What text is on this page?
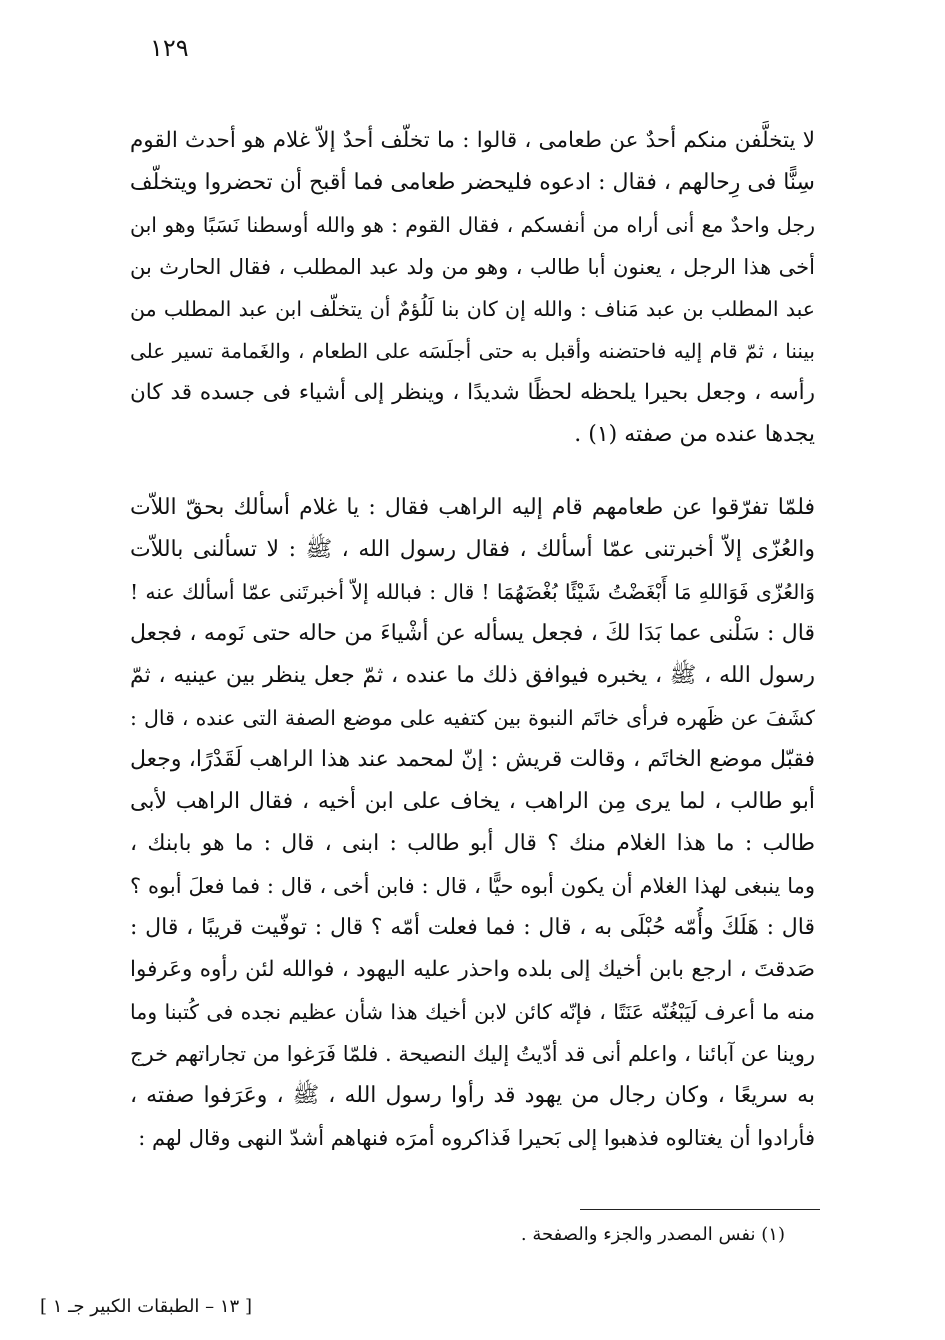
١٢٩
لا يتخلَّفن منكم أحدٌ عن طعامى ، قالوا : ما تخلّف أحدٌ إلاّ غلام هو أحدث القوم
سِنًّا فى رِحالهم ، فقال : ادعوه فليحضر طعامى فما أقبح أن تحضروا ويتخلّف
رجل واحدٌ مع أنى أراه من أنفسكم ، فقال القوم : هو والله أوسطنا نَسَبًا وهو ابن
أخى هذا الرجل ، يعنون أبا طالب ، وهو من ولد عبد المطلب ، فقال الحارث بن
عبد المطلب بن عبد مَناف : والله إن كان بنا لَلُؤمٌ أن يتخلّف ابن عبد المطلب من
بيننا ، ثمّ قام إليه فاحتضنه وأقبل به حتى أجلَسَه على الطعام ، والغَمامة تسير على
رأسه ، وجعل بحيرا يلحظه لحظًا شديدًا ، وينظر إلى أشياء فى جسده قد كان
يجدها عنده من صفته (١) .
فلمّا تفرّقوا عن طعامهم قام إليه الراهب فقال : يا غلام أسألك بحقّ اللاّت
والعُزّى إلاّ أخبرتنى عمّا أسألك ، فقال رسول الله ، ﷺ : لا تسألنى باللاّت
وَالعُزّى فَوَاللهِ مَا أَبْغَضْتُ شَيْئًا بُغْضَهُمَا ! قال : فبالله إلاّ أخبرتَنى عمّا أسألك عنه !
قال : سَلْنى عما بَدَا لكَ ، فجعل يسأله عن أشْياءَ من حاله حتى نَومه ، فجعل
رسول الله ، ﷺ ، يخبره فيوافق ذلك ما عنده ، ثمّ جعل ينظر بين عينيه ، ثمّ
كشَفَ عن ظَهره فرأى خاتَم النبوة بين كتفيه على موضع الصفة التى عنده ، قال :
فقبّل موضع الخاتَم ، وقالت قريش : إنّ لمحمد عند هذا الراهب لَقَدْرًا، وجعل
أبو طالب ، لما يرى مِن الراهب ، يخاف على ابن أخيه ، فقال الراهب لأبى
طالب : ما هذا الغلام منك ؟ قال أبو طالب : ابنى ، قال : ما هو بابنك ،
وما ينبغى لهذا الغلام أن يكون أبوه حيًّا ، قال : فابن أخى ، قال : فما فعلَ أبوه ؟
قال : هَلَكَ وأُمّه حُبْلَى به ، قال : فما فعلت أمّه ؟ قال : توفّيت قريبًا ، قال :
صَدقتَ ، ارجع بابن أخيك إلى بلده واحذر عليه اليهود ، فوالله لئن رأوه وعَرفوا
منه ما أعرف لَيَبْغُنّه عَنَتًا ، فإنّه كائن لابن أخيك هذا شأن عظيم نجده فى كُتبنا وما
روينا عن آبائنا ، واعلم أنى قد أدّيتُ إليك النصيحة . فلمّا فَرَغوا من تجاراتهم خرج
به سريعًا ، وكان رجال من يهود قد رأوا رسول الله ، ﷺ ، وعَرَفوا صفته ،
فأرادوا أن يغتالوه فذهبوا إلى بَحيرا فَذاكروه أمرَه فنهاهم أشدّ النهى وقال لهم :
(١) نفس المصدر والجزء والصفحة .
[ ١٣ – الطبقات الكبير جـ ١ ]
